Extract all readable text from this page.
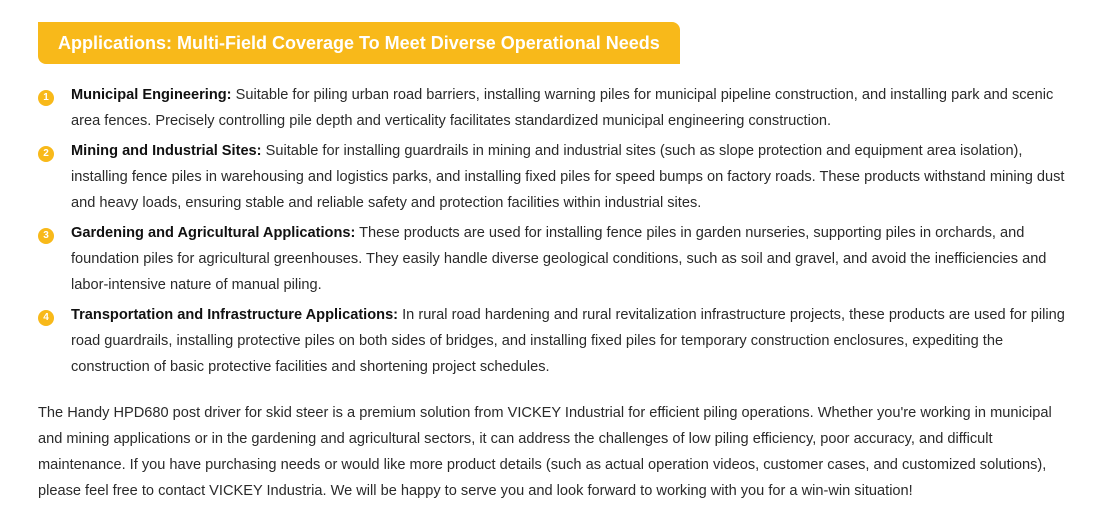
Applications: Multi-Field Coverage To Meet Diverse Operational Needs
1	Municipal Engineering: Suitable for piling urban road barriers, installing warning piles for municipal pipeline construction, and installing park and scenic area fences. Precisely controlling pile depth and verticality facilitates standardized municipal engineering construction.
2	Mining and Industrial Sites: Suitable for installing guardrails in mining and industrial sites (such as slope protection and equipment area isolation), installing fence piles in warehousing and logistics parks, and installing fixed piles for speed bumps on factory roads. These products withstand mining dust and heavy loads, ensuring stable and reliable safety and protection facilities within industrial sites.
3	Gardening and Agricultural Applications: These products are used for installing fence piles in garden nurseries, supporting piles in orchards, and foundation piles for agricultural greenhouses. They easily handle diverse geological conditions, such as soil and gravel, and avoid the inefficiencies and labor-intensive nature of manual piling.
4	Transportation and Infrastructure Applications: In rural road hardening and rural revitalization infrastructure projects, these products are used for piling road guardrails, installing protective piles on both sides of bridges, and installing fixed piles for temporary construction enclosures, expediting the construction of basic protective facilities and shortening project schedules.

The Handy HPD680 post driver for skid steer is a premium solution from VICKEY Industrial for efficient piling operations. Whether you're working in municipal and mining applications or in the gardening and agricultural sectors, it can address the challenges of low piling efficiency, poor accuracy, and difficult maintenance. If you have purchasing needs or would like more product details (such as actual operation videos, customer cases, and customized solutions), please feel free to contact VICKEY Industria. We will be happy to serve you and look forward to working with you for a win-win situation!
